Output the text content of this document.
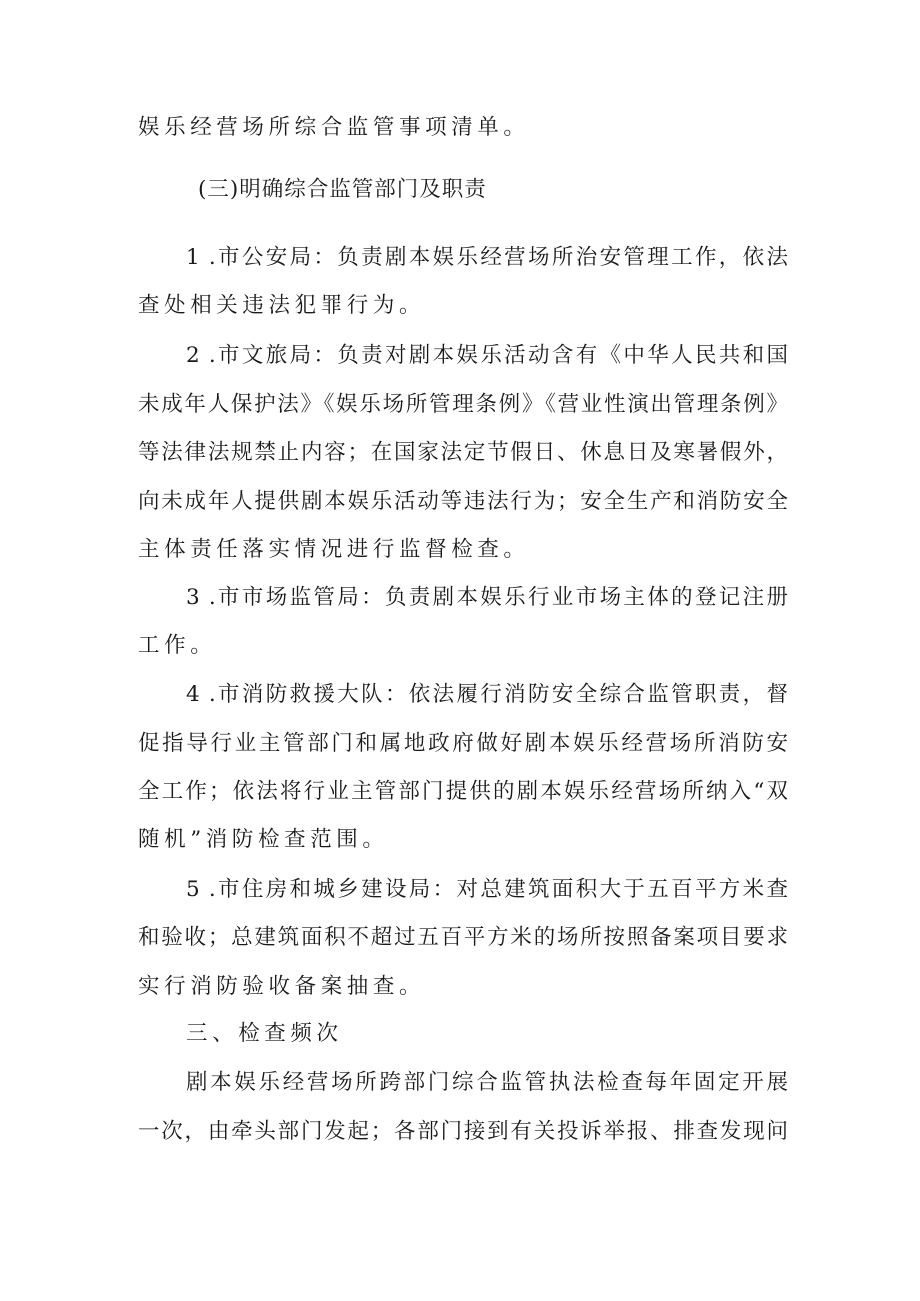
娱乐经营场所综合监管事项清单。
(三)明确综合监管部门及职责
1 .市公安局：负责剧本娱乐经营场所治安管理工作，依法
查处相关违法犯罪行为。
2 .市文旅局：负责对剧本娱乐活动含有《中华人民共和国
未成年人保护法》《娱乐场所管理条例》《营业性演出管理条例》
等法律法规禁止内容；在国家法定节假日、休息日及寒暑假外，
向未成年人提供剧本娱乐活动等违法行为；安全生产和消防安全
主体责任落实情况进行监督检查。
3 .市市场监管局：负责剧本娱乐行业市场主体的登记注册
工作。
4 .市消防救援大队：依法履行消防安全综合监管职责，督
促指导行业主管部门和属地政府做好剧本娱乐经营场所消防安
全工作；依法将行业主管部门提供的剧本娱乐经营场所纳入“双
随机”消防检查范围。
5 .市住房和城乡建设局：对总建筑面积大于五百平方米查
和验收；总建筑面积不超过五百平方米的场所按照备案项目要求
实行消防验收备案抽查。
三、检查频次
剧本娱乐经营场所跨部门综合监管执法检查每年固定开展
一次，由牵头部门发起；各部门接到有关投诉举报、排查发现问
